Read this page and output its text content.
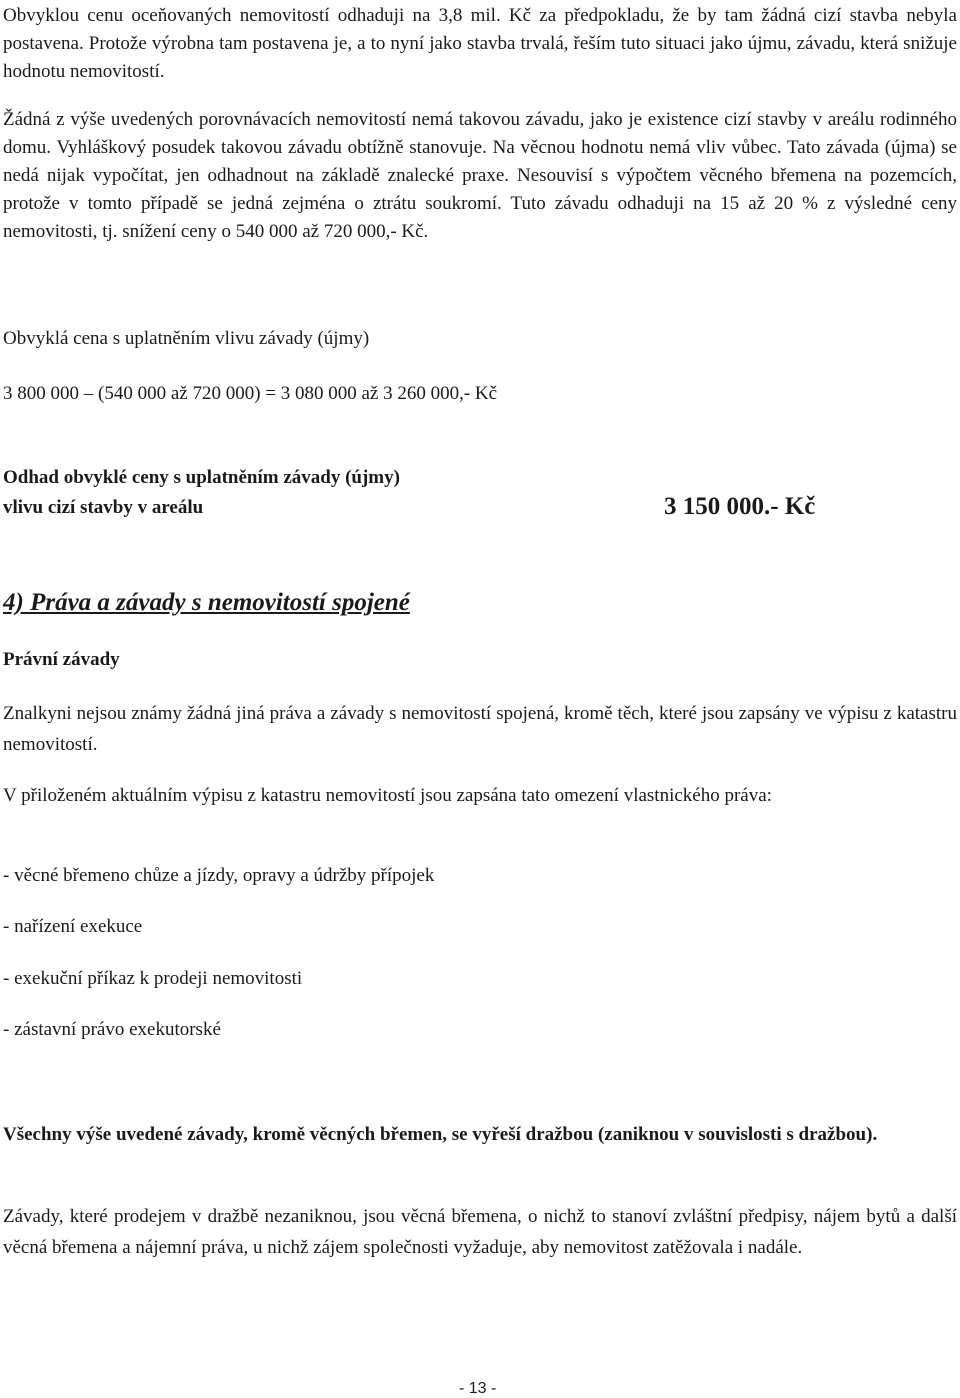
Obvyklou cenu oceňovaných nemovitostí odhaduji na 3,8 mil. Kč za předpokladu, že by tam žádná cizí stavba nebyla postavena. Protože výrobna tam postavena je, a to nyní jako stavba trvalá, řeším tuto situaci jako újmu, závadu, která snižuje hodnotu nemovitostí.

Žádná z výše uvedených porovnávacích nemovitostí nemá takovou závadu, jako je existence cizí stavby v areálu rodinného domu. Vyhláškový posudek takovou závadu obtížně stanovuje. Na věcnou hodnotu nemá vliv vůbec. Tato závada (újma) se nedá nijak vypočítat, jen odhadnout na základě znalecké praxe. Nesouvisí s výpočtem věcného břemena na pozemcích, protože v tomto případě se jedná zejména o ztrátu soukromí. Tuto závadu odhaduji na 15 až 20 % z výsledné ceny nemovitosti, tj. snížení ceny o 540 000 až 720 000,- Kč.

Obvyklá cena s uplatněním vlivu závady (újmy)

3 800 000 – (540 000 až 720 000) = 3 080 000 až 3 260 000,- Kč

Odhad obvyklé ceny s uplatněním závady (újmy)
vlivu cizí stavby v areálu	3 150 000.- Kč
4) Práva a závady s nemovitostí spojené

Právní závady

Znalkyni nejsou známy žádná jiná práva a závady s nemovitostí spojená, kromě těch, které jsou zapsány ve výpisu z katastru nemovitostí.

V přiloženém aktuálním výpisu z katastru nemovitostí jsou zapsána tato omezení vlastnického práva:

- věcné břemeno chůze a jízdy, opravy a údržby přípojek
- nařízení exekuce
- exekuční příkaz k prodeji nemovitosti
- zástavní právo exekutorské

Všechny výše uvedené závady, kromě věcných břemen, se vyřeší dražbou (zaniknou v souvislosti s dražbou).

Závady, které prodejem v dražbě nezaniknou, jsou věcná břemena, o nichž to stanoví zvláštní předpisy, nájem bytů a další věcná břemena a nájemní práva, u nichž zájem společnosti vyžaduje, aby nemovitost zatěžovala i nadále.

- 13 -
